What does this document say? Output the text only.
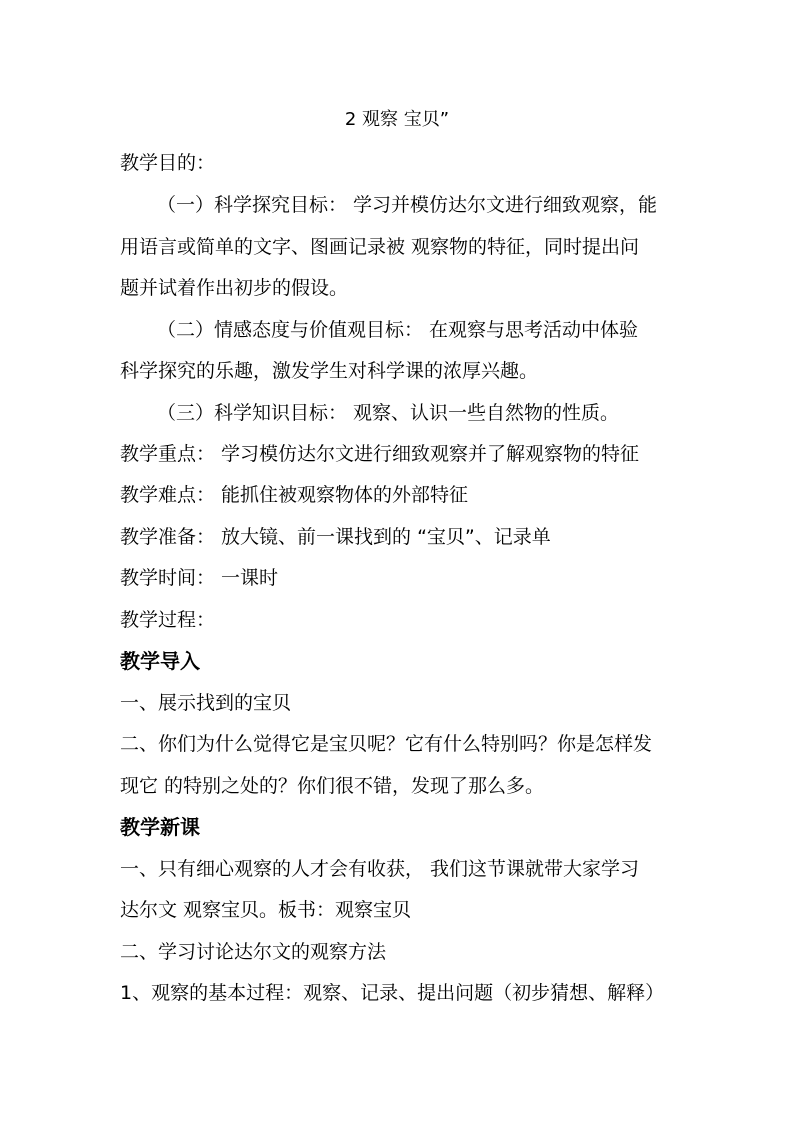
2 观察 宝贝”
教学目的：
（一）科学探究目标： 学习并模仿达尔文进行细致观察，能
用语言或简单的文字、图画记录被 观察物的特征，同时提出问
题并试着作出初步的假设。
（二）情感态度与价值观目标： 在观察与思考活动中体验
科学探究的乐趣，激发学生对科学课的浓厚兴趣。
（三）科学知识目标： 观察、认识一些自然物的性质。
教学重点： 学习模仿达尔文进行细致观察并了解观察物的特征
教学难点： 能抓住被观察物体的外部特征
教学准备： 放大镜、前一课找到的 “宝贝”、记录单
教学时间： 一课时
教学过程：
教学导入
一、展示找到的宝贝
二、你们为什么觉得它是宝贝呢？它有什么特别吗？你是怎样发
现它 的特别之处的？你们很不错，发现了那么多。
教学新课
一、只有细心观察的人才会有收获， 我们这节课就带大家学习
达尔文 观察宝贝。板书：观察宝贝
二、学习讨论达尔文的观察方法
1、观察的基本过程：观察、记录、提出问题（初步猜想、解释）
